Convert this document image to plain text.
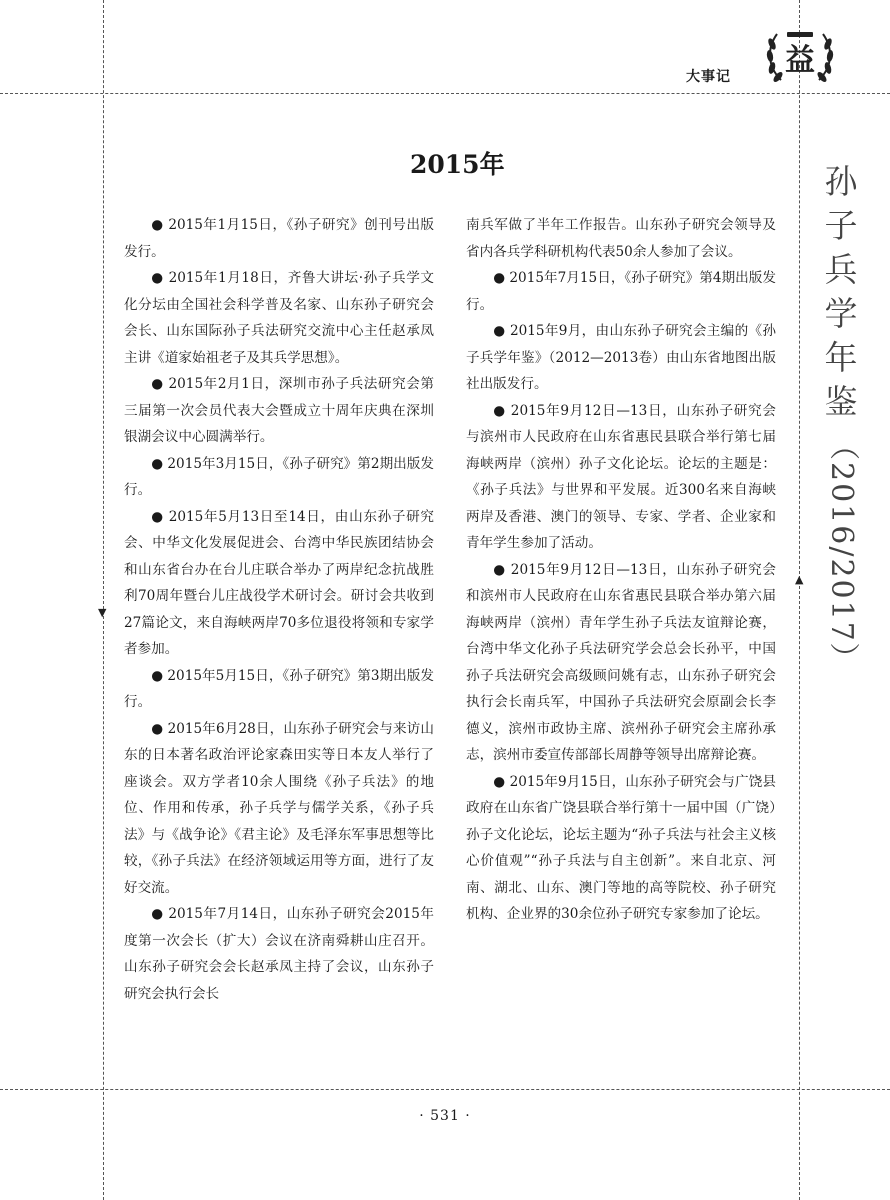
▼
▲
大事记 益
孙
子
兵
学
年
鉴
（2016/2017）
2015年

● 2015年1月15日，《孙子研究》创刊号出版发行。

● 2015年1月18日，齐鲁大讲坛·孙子兵学文化分坛由全国社会科学普及名家、山东孙子研究会会长、山东国际孙子兵法研究交流中心主任赵承凤主讲《道家始祖老子及其兵学思想》。

● 2015年2月1日，深圳市孙子兵法研究会第三届第一次会员代表大会暨成立十周年庆典在深圳银湖会议中心圆满举行。

● 2015年3月15日，《孙子研究》第2期出版发行。

● 2015年5月13日至14日，由山东孙子研究会、中华文化发展促进会、台湾中华民族团结协会和山东省台办在台儿庄联合举办了两岸纪念抗战胜利70周年暨台儿庄战役学术研讨会。研讨会共收到27篇论文，来自海峡两岸70多位退役将领和专家学者参加。

● 2015年5月15日，《孙子研究》第3期出版发行。

● 2015年6月28日，山东孙子研究会与来访山东的日本著名政治评论家森田实等日本友人举行了座谈会。双方学者10余人围绕《孙子兵法》的地位、作用和传承，孙子兵学与儒学关系，《孙子兵法》与《战争论》《君主论》及毛泽东军事思想等比较，《孙子兵法》在经济领域运用等方面，进行了友好交流。

● 2015年7月14日，山东孙子研究会2015年度第一次会长（扩大）会议在济南舜耕山庄召开。山东孙子研究会会长赵承凤主持了会议，山东孙子研究会执行会长

南兵军做了半年工作报告。山东孙子研究会领导及省内各兵学科研机构代表50余人参加了会议。

● 2015年7月15日，《孙子研究》第4期出版发行。

● 2015年9月，由山东孙子研究会主编的《孙子兵学年鉴》（2012—2013卷）由山东省地图出版社出版发行。

● 2015年9月12日—13日，山东孙子研究会与滨州市人民政府在山东省惠民县联合举行第七届海峡两岸（滨州）孙子文化论坛。论坛的主题是：《孙子兵法》与世界和平发展。近300名来自海峡两岸及香港、澳门的领导、专家、学者、企业家和青年学生参加了活动。

● 2015年9月12日—13日，山东孙子研究会和滨州市人民政府在山东省惠民县联合举办第六届海峡两岸（滨州）青年学生孙子兵法友谊辩论赛，台湾中华文化孙子兵法研究学会总会长孙平，中国孙子兵法研究会高级顾问姚有志，山东孙子研究会执行会长南兵军，中国孙子兵法研究会原副会长李德义，滨州市政协主席、滨州孙子研究会主席孙承志，滨州市委宣传部部长周静等领导出席辩论赛。

● 2015年9月15日，山东孙子研究会与广饶县政府在山东省广饶县联合举行第十一届中国（广饶）孙子文化论坛，论坛主题为“孙子兵法与社会主义核心价值观”“孙子兵法与自主创新”。来自北京、河南、湖北、山东、澳门等地的高等院校、孙子研究机构、企业界的30余位孙子研究专家参加了论坛。

· 531 ·
